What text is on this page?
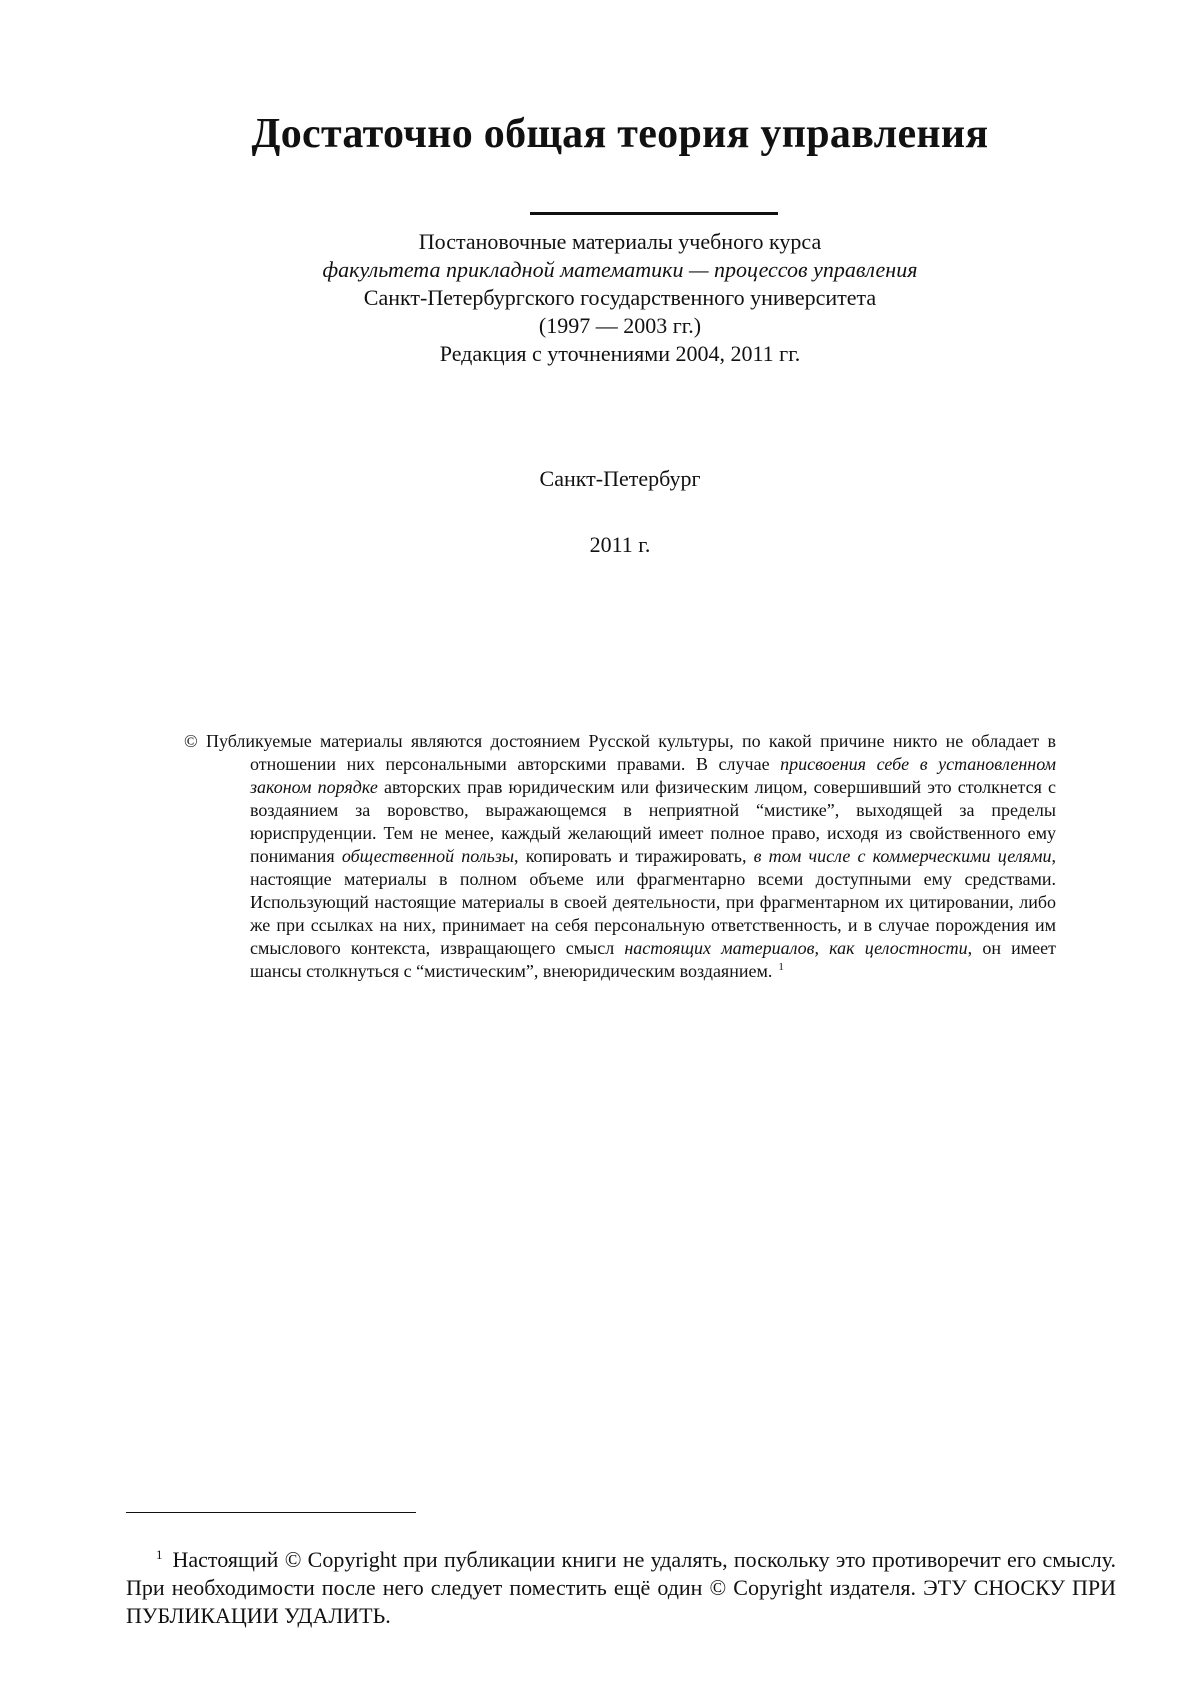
Достаточно общая теория управления
Постановочные материалы учебного курса
факультета прикладной математики — процессов управления
Санкт-Петербургского государственного университета
(1997 — 2003 гг.)
Редакция с уточнениями 2004, 2011 гг.
Санкт-Петербург
2011 г.

© Публикуемые материалы являются достоянием Русской культуры, по какой причине никто не обладает в отношении них персональными авторскими правами. В случае присвоения себе в установленном законом порядке авторских прав юридическим или физическим лицом, совершивший это столкнется с воздаянием за воровство, выражающемся в неприятной “мистике”, выходящей за пределы юриспруденции. Тем не менее, каждый желающий имеет полное право, исходя из свойственного ему понимания общественной пользы, копировать и тиражировать, в том числе с коммерческими целями, настоящие материалы в полном объеме или фрагментарно всеми доступными ему средствами. Использующий настоящие материалы в своей деятельности, при фрагментарном их цитировании, либо же при ссылках на них, принимает на себя персональную ответственность, и в случае порождения им смыслового контекста, извращающего смысл настоящих материалов, как целостности, он имеет шансы столкнуться с “мистическим”, внеюридическим воздаянием. $^1$

$^1$ Настоящий © Copyright при публикации книги не удалять, поскольку это противоречит его смыслу. При необходимости после него следует поместить ещё один © Copyright издателя. ЭТУ СНОСКУ ПРИ ПУБЛИКАЦИИ УДАЛИТЬ.
